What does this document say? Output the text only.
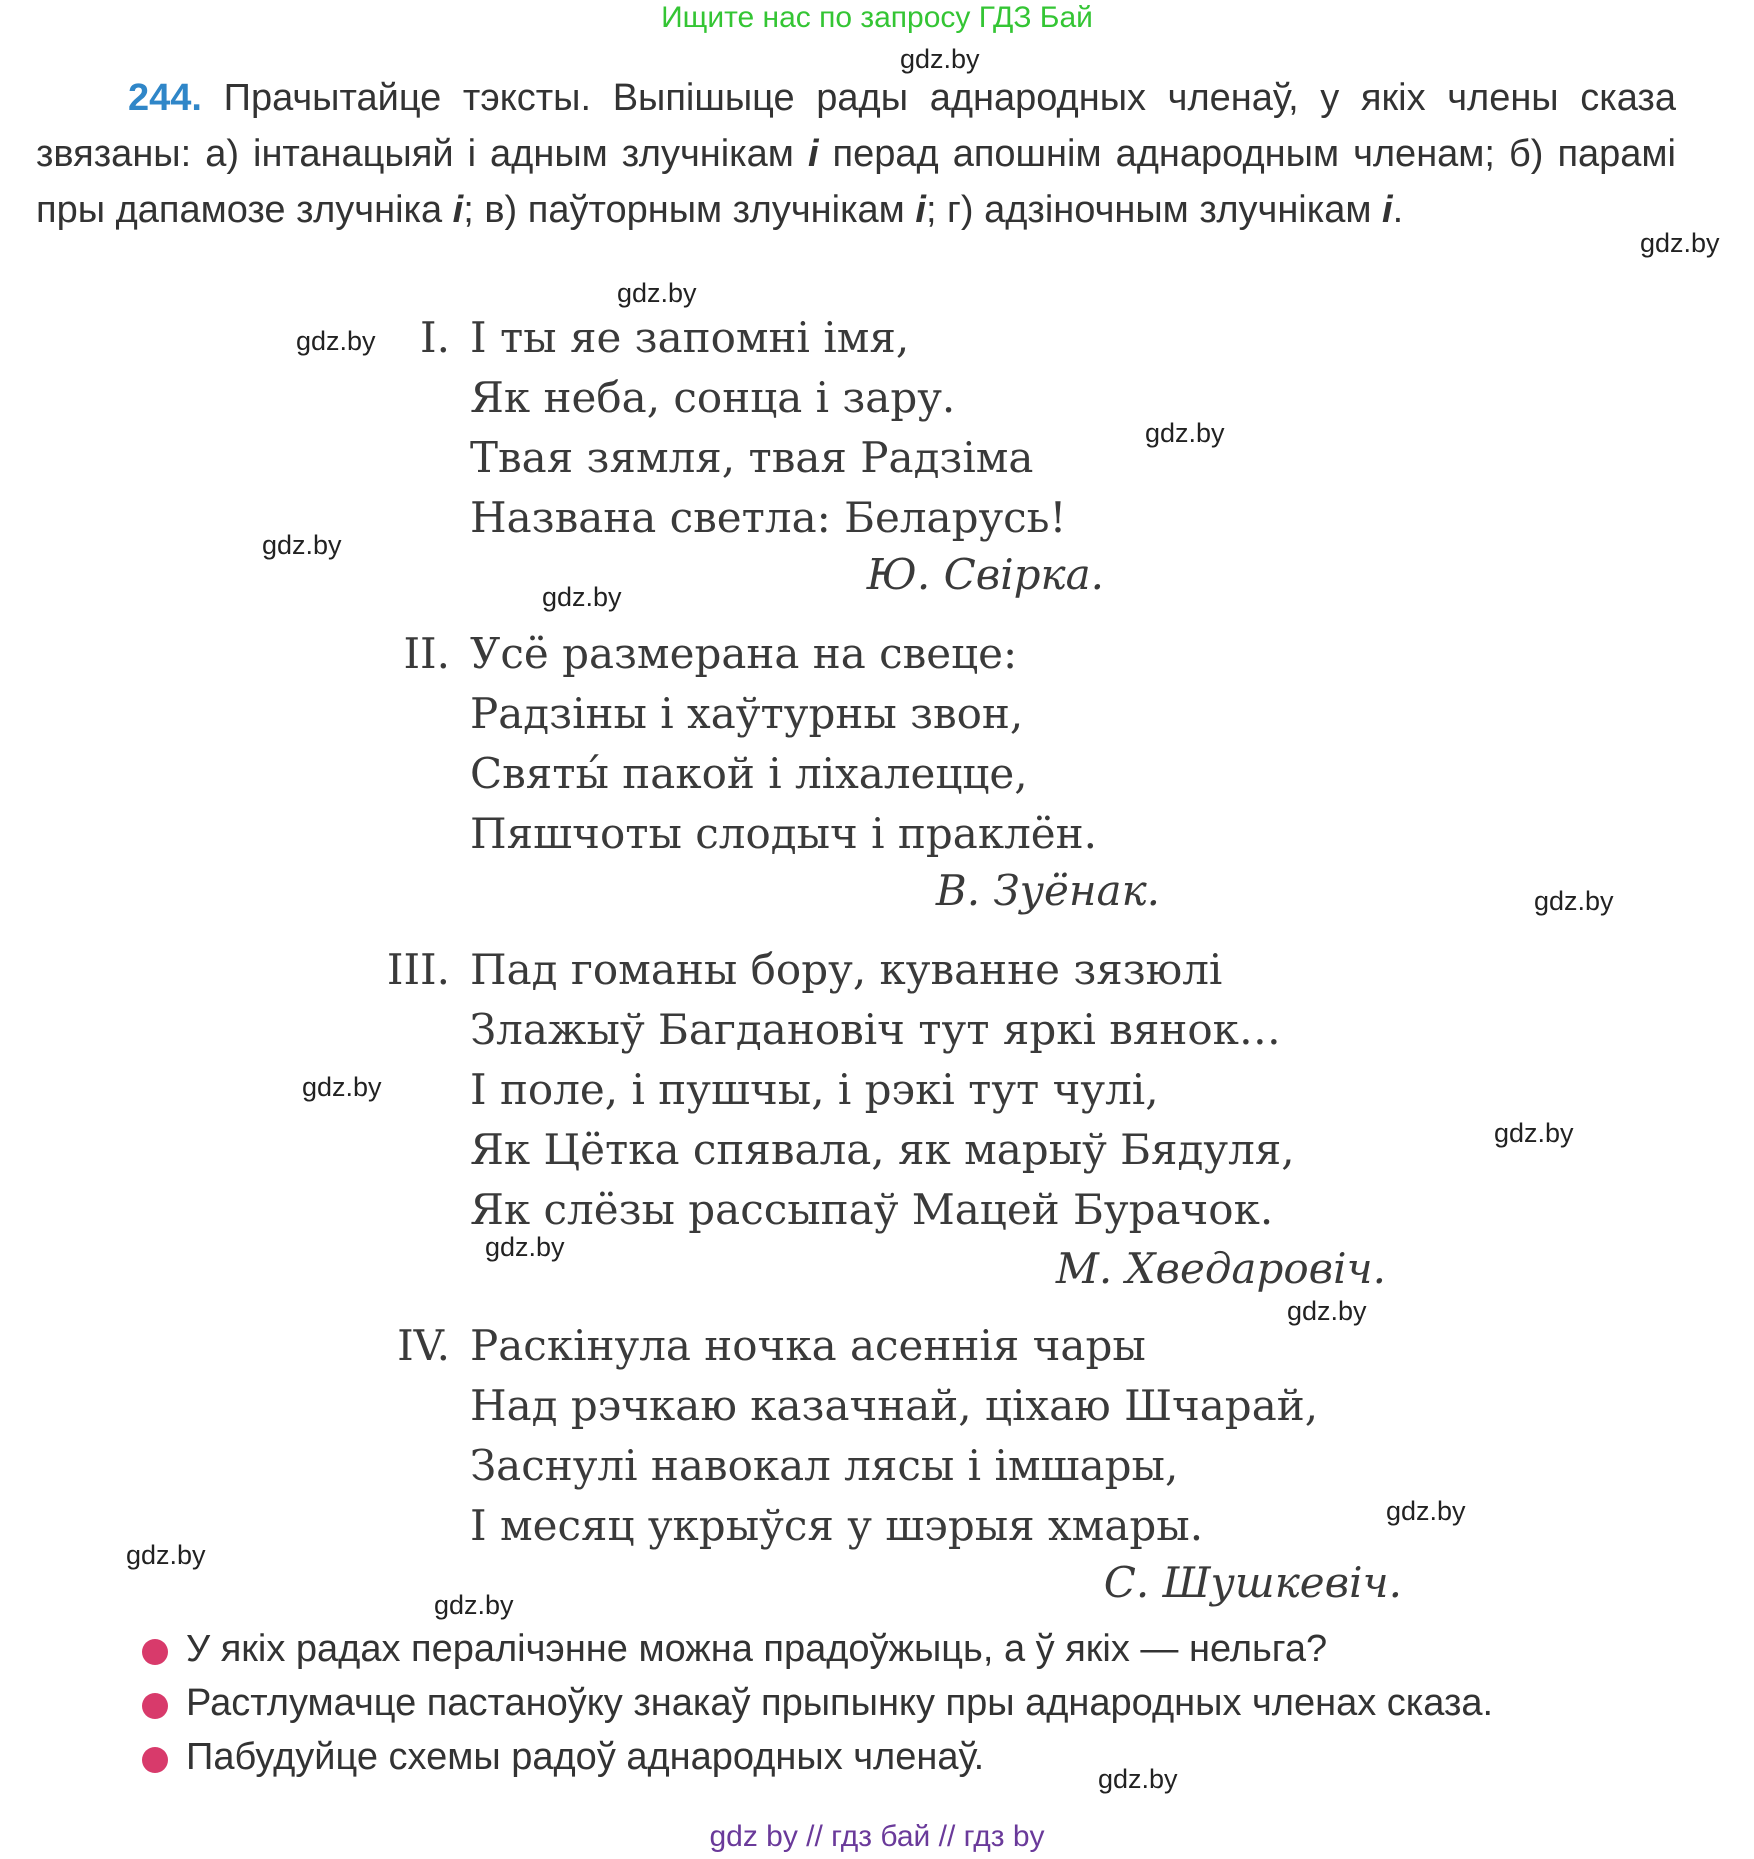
Ищите нас по запросу ГДЗ Бай
gdz.by
gdz.by
gdz.by
gdz.by
gdz.by
gdz.by
gdz.by
gdz.by
gdz.by
gdz.by
gdz.by
gdz.by
gdz.by
gdz.by
gdz.by
gdz.by
244. Прачытайце тэксты. Выпішыце рады аднародных членаў, у якіх члены сказа звязаны: а) інтанацыяй і адным злучнікам і перад апошнім аднародным членам; б) парамі пры дапамозе злучніка і; в) паўторным злучнікам і; г) адзіночным злучнікам і.
І. І ты яе запомні імя,
Як неба, сонца і зару.
Твая зямля, твая Радзіма
Названа светла: Беларусь!
Ю. Свірка.
II. Усё размерана на свеце:
Радзіны і хаўтурны звон,
Святы́ пакой і ліхалецце,
Пяшчоты слодыч і праклён.
В. Зуёнак.
III. Пад гоманы бору, куванне зязюлі
Злажыў Багдановіч тут яркі вянок…
І поле, і пушчы, і рэкі тут чулі,
Як Цётка спявала, як марыў Бядуля,
Як слёзы рассыпаў Мацей Бурачок.
М. Хведаровіч.
IV. Раскінула ночка асеннія чары
Над рэчкаю казачнай, ціхаю Шчарай,
Заснулі навокал лясы і імшары,
І месяц укрыўся у шэрыя хмары.
С. Шушкевіч.
У якіх радах пералічэнне можна прадоўжыць, а ў якіх — нельга?
Растлумачце пастаноўку знакаў прыпынку пры аднародных членах сказа.
Пабудуйце схемы радоў аднародных членаў.
gdz by // гдз бай // гдз by
